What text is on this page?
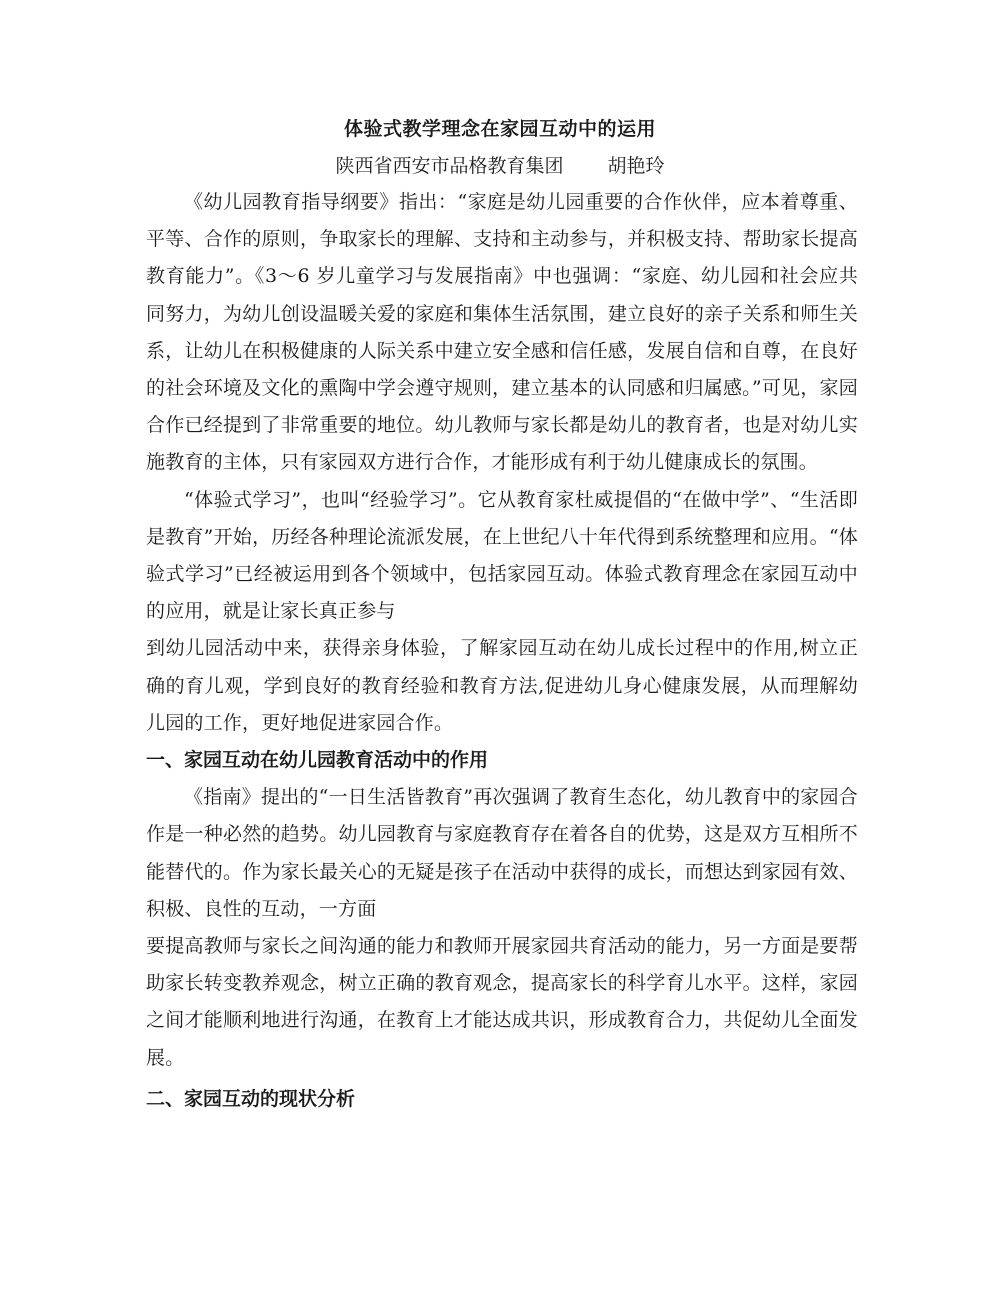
体验式教学理念在家园互动中的运用
陕西省西安市品格教育集团 胡艳玲

《幼儿园教育指导纲要》指出：“家庭是幼儿园重要的合作伙伴，应本着尊重、平等、合作的原则，争取家长的理解、支持和主动参与，并积极支持、帮助家长提高教育能力”。《3～6 岁儿童学习与发展指南》中也强调：“家庭、幼儿园和社会应共同努力，为幼儿创设温暖关爱的家庭和集体生活氛围，建立良好的亲子关系和师生关系，让幼儿在积极健康的人际关系中建立安全感和信任感，发展自信和自尊，在良好的社会环境及文化的熏陶中学会遵守规则，建立基本的认同感和归属感。”可见，家园合作已经提到了非常重要的地位。幼儿教师与家长都是幼儿的教育者，也是对幼儿实施教育的主体，只有家园双方进行合作，才能形成有利于幼儿健康成长的氛围。

“体验式学习”，也叫“经验学习”。它从教育家杜威提倡的“在做中学”、“生活即是教育”开始，历经各种理论流派发展，在上世纪八十年代得到系统整理和应用。“体验式学习”已经被运用到各个领域中，包括家园互动。体验式教育理念在家园互动中的应用，就是让家长真正参与

到幼儿园活动中来，获得亲身体验，了解家园互动在幼儿成长过程中的作用,树立正确的育儿观，学到良好的教育经验和教育方法,促进幼儿身心健康发展，从而理解幼儿园的工作，更好地促进家园合作。

一、家园互动在幼儿园教育活动中的作用

《指南》提出的“一日生活皆教育”再次强调了教育生态化，幼儿教育中的家园合作是一种必然的趋势。幼儿园教育与家庭教育存在着各自的优势，这是双方互相所不能替代的。作为家长最关心的无疑是孩子在活动中获得的成长，而想达到家园有效、积极、良性的互动，一方面

要提高教师与家长之间沟通的能力和教师开展家园共育活动的能力，另一方面是要帮助家长转变教养观念，树立正确的教育观念，提高家长的科学育儿水平。这样，家园之间才能顺利地进行沟通，在教育上才能达成共识，形成教育合力，共促幼儿全面发展。

二、家园互动的现状分析
